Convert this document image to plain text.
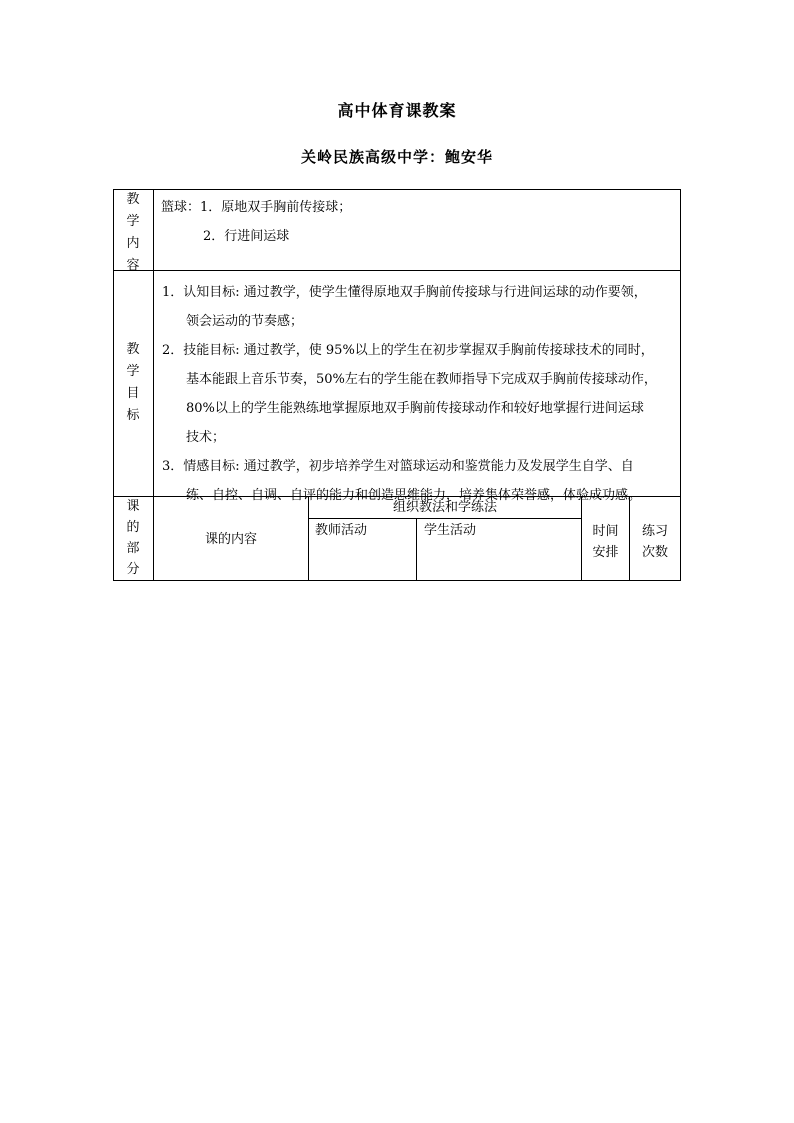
高中体育课教案
关岭民族高级中学：鲍安华
教
学
内
容
篮球：1．原地双手胸前传接球；
2．行进间运球
教
学
目
标
1．认知目标: 通过教学，使学生懂得原地双手胸前传接球与行进间运球的动作要领，
领会运动的节奏感；
2．技能目标: 通过教学，使 95%以上的学生在初步掌握双手胸前传接球技术的同时，
基本能跟上音乐节奏，50%左右的学生能在教师指导下完成双手胸前传接球动作，
80%以上的学生能熟练地掌握原地双手胸前传接球动作和较好地掌握行进间运球
技术；
3．情感目标: 通过教学，初步培养学生对篮球运动和鉴赏能力及发展学生自学、自
练、自控、自调、自评的能力和创造思维能力，培养集体荣誉感，体验成功感。
课
的
部
分
课的内容
组织教法和学练法
教师活动	学生活动	时间
安排
练习
次数
